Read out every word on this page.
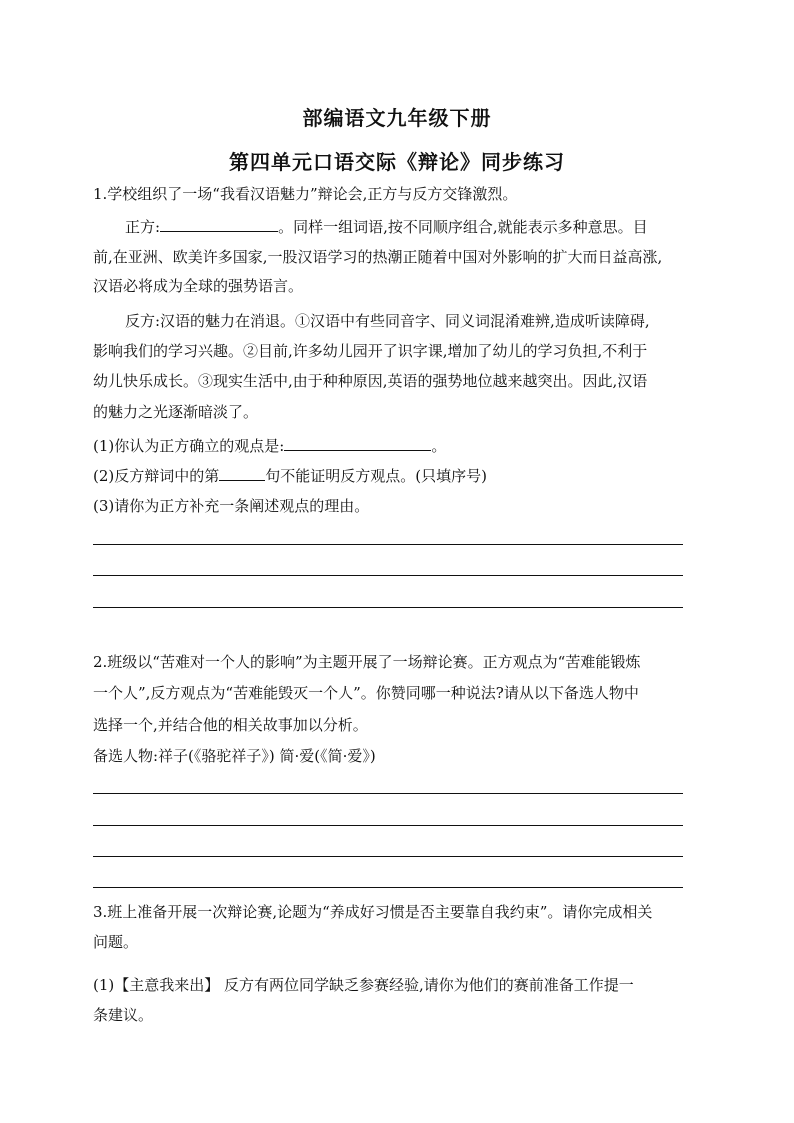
部编语文九年级下册
第四单元口语交际《辩论》同步练习
1.学校组织了一场“我看汉语魅力”辩论会,正方与反方交锋激烈。
正方:	。同样一组词语,按不同顺序组合,就能表示多种意思。目
前,在亚洲、欧美许多国家,一股汉语学习的热潮正随着中国对外影响的扩大而日益高涨,
汉语必将成为全球的强势语言。
反方:汉语的魅力在消退。①汉语中有些同音字、同义词混淆难辨,造成听读障碍,
影响我们的学习兴趣。②目前,许多幼儿园开了识字课,增加了幼儿的学习负担,不利于
幼儿快乐成长。③现实生活中,由于种种原因,英语的强势地位越来越突出。因此,汉语
的魅力之光逐渐暗淡了。
(1)你认为正方确立的观点是:	。
(2)反方辩词中的第	句不能证明反方观点。(只填序号)
(3)请你为正方补充一条阐述观点的理由。
2.班级以“苦难对一个人的影响”为主题开展了一场辩论赛。正方观点为“苦难能锻炼
一个人”,反方观点为“苦难能毁灭一个人”。你赞同哪一种说法?请从以下备选人物中
选择一个,并结合他的相关故事加以分析。
备选人物:祥子(《骆驼祥子》) 简·爱(《简·爱》)
3.班上准备开展一次辩论赛,论题为“养成好习惯是否主要靠自我约束”。请你完成相关
问题。
(1)【主意我来出】 反方有两位同学缺乏参赛经验,请你为他们的赛前准备工作提一
条建议。
